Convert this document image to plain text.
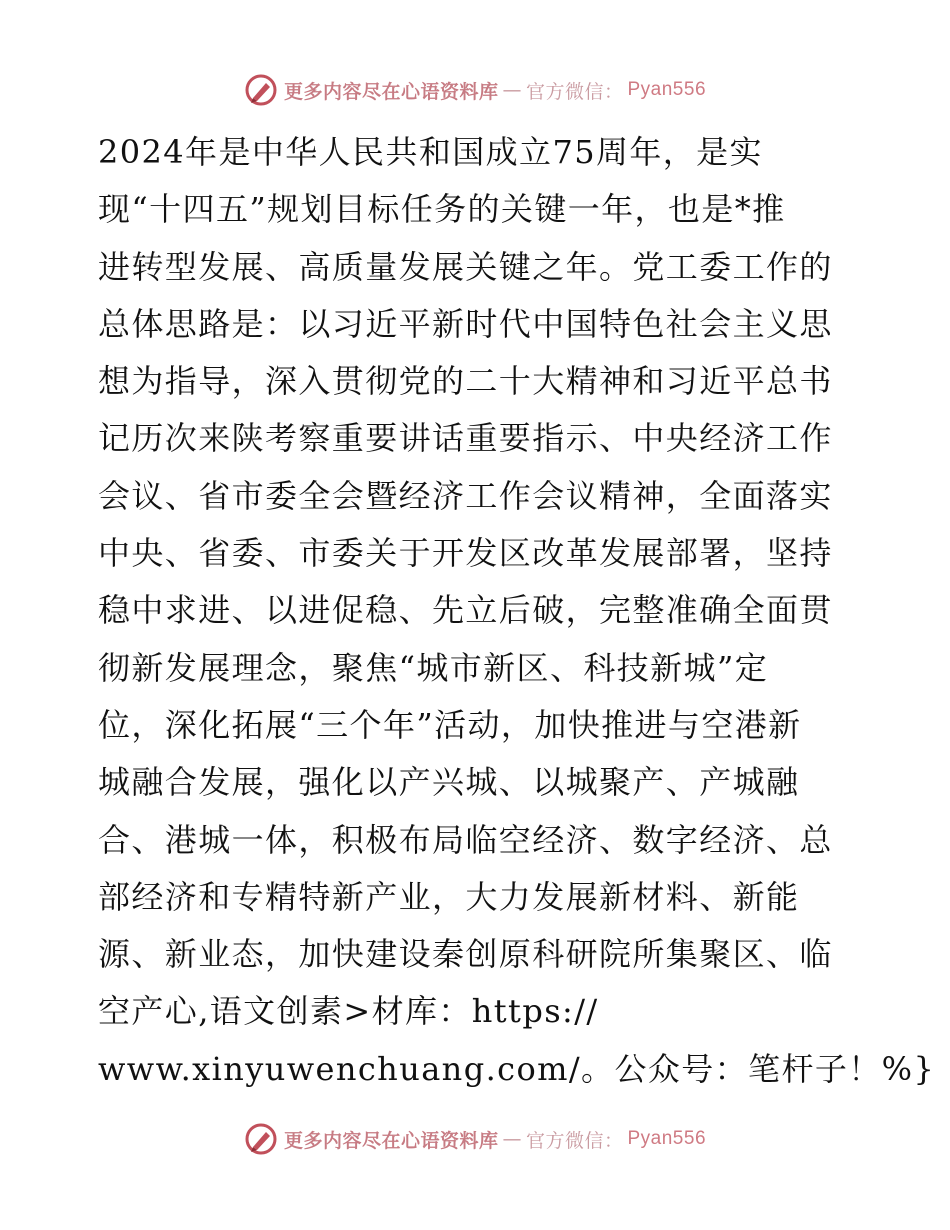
更多内容尽在心语资料库 — 官方微信： Pyan556
2024年是中华人民共和国成立75周年，是实
现“十四五”规划目标任务的关键一年，也是*推
进转型发展、高质量发展关键之年。党工委工作的
总体思路是：以习近平新时代中国特色社会主义思
想为指导，深入贯彻党的二十大精神和习近平总书
记历次来陕考察重要讲话重要指示、中央经济工作
会议、省市委全会暨经济工作会议精神，全面落实
中央、省委、市委关于开发区改革发展部署，坚持
稳中求进、以进促稳、先立后破，完整准确全面贯
彻新发展理念，聚焦“城市新区、科技新城”定
位，深化拓展“三个年”活动，加快推进与空港新
城融合发展，强化以产兴城、以城聚产、产城融
合、港城一体，积极布局临空经济、数字经济、总
部经济和专精特新产业，大力发展新材料、新能
源、新业态，加快建设秦创原科研院所集聚区、临
空产心,语文创素>材库：https://
www.xinyuwenchuang.com/。公众号：笔杆子！%}
更多内容尽在心语资料库 — 官方微信： Pyan556
